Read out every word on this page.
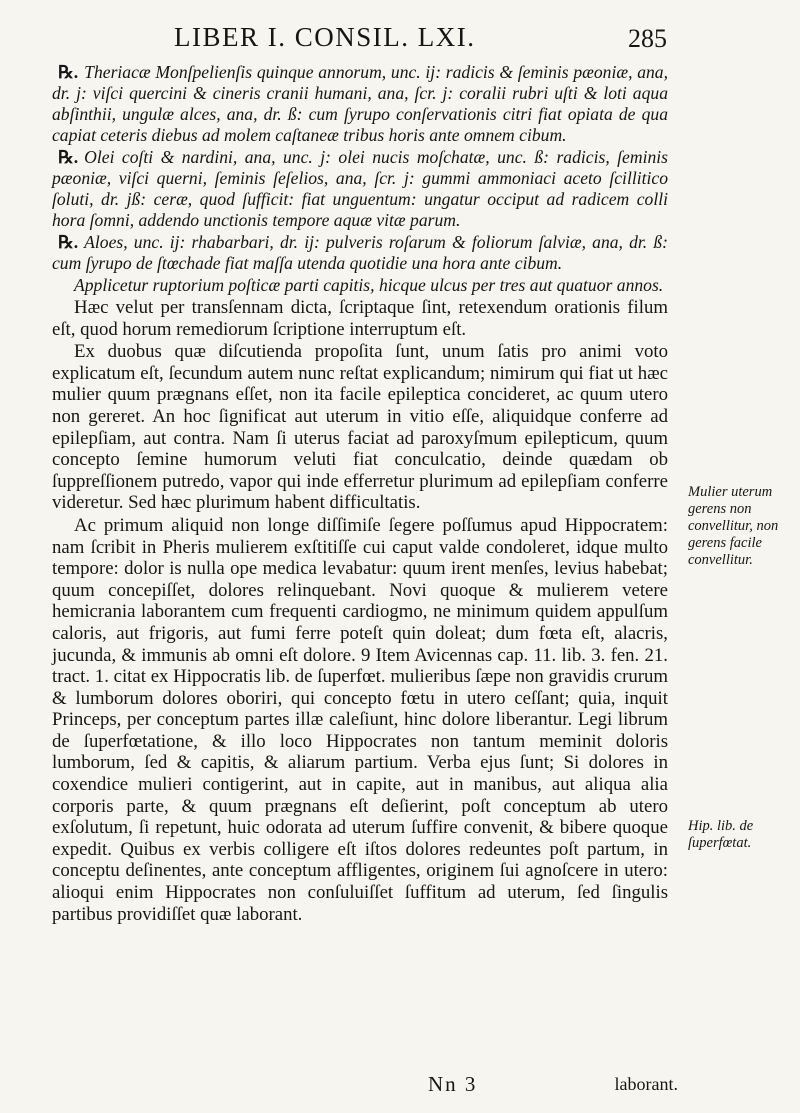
LIBER I. CONSIL. LXI.	285

℞. Theriacæ Monſpelienſis quinque annorum, unc. ij: radicis & ſeminis pæoniæ, ana, dr. j: viſci quercini & cineris cranii humani, ana, ſcr. j: coralii rubri uſti & loti aqua abſinthii, ungulæ alces, ana, dr. ß: cum ſyrupo conſervationis citri fiat opiata de qua capiat ceteris diebus ad molem caſtaneæ tribus horis ante omnem cibum.

℞. Olei coſti & nardini, ana, unc. j: olei nucis moſchatæ, unc. ß: radicis, ſeminis pæoniæ, viſci querni, ſeminis ſeſelios, ana, ſcr. j: gummi ammoniaci aceto ſcillitico ſoluti, dr. jß: ceræ, quod ſufficit: fiat unguentum: ungatur occiput ad radicem colli hora ſomni, addendo unctionis tempore aquæ vitæ parum.

℞. Aloes, unc. ij: rhabarbari, dr. ij: pulveris roſarum & foliorum ſalviæ, ana, dr. ß: cum ſyrupo de ſtœchade fiat maſſa utenda quotidie una hora ante cibum.

Applicetur ruptorium poſticæ parti capitis, hicque ulcus per tres aut quatuor annos.

Hæc velut per transſennam dicta, ſcriptaque ſint, retexendum orationis filum eſt, quod horum remediorum ſcriptione interruptum eſt.

Ex duobus quæ diſcutienda propoſita ſunt, unum ſatis pro animi voto explicatum eſt, ſecundum autem nunc reſtat explicandum; nimirum qui fiat ut hæc mulier quum prægnans eſſet, non ita facile epileptica concideret, ac quum utero non gereret. An hoc ſignificat aut uterum in vitio eſſe, aliquidque conferre ad epilepſiam, aut contra. Nam ſi uterus faciat ad paroxyſmum epilepticum, quum concepto ſemine humorum veluti fiat conculcatio, deinde quædam ob ſuppreſſionem putredo, vapor qui inde efferretur plurimum ad epilepſiam conferre videretur. Sed hæc plurimum habent difficultatis.

Ac primum aliquid non longe diſſimiſe ſegere poſſumus apud Hippocratem: nam ſcribit in Pheris mulierem exſtitiſſe cui caput valde condoleret, idque multo tempore: dolor is nulla ope medica levabatur: quum irent menſes, levius habebat; quum concepiſſet, dolores relinquebant. Novi quoque & mulierem vetere hemicrania laborantem cum frequenti cardiogmo, ne minimum quidem appulſum caloris, aut frigoris, aut fumi ferre poteſt quin doleat; dum fœta eſt, alacris, jucunda, & immunis ab omni eſt dolore. 9 Item Avicennas cap. 11. lib. 3. fen. 21. tract. 1. citat ex Hippocratis lib. de ſuperfœt. mulieribus ſæpe non gravidis crurum & lumborum dolores oboriri, qui concepto fœtu in utero ceſſant; quia, inquit Princeps, per conceptum partes illæ caleſiunt, hinc dolore liberantur. Legi librum de ſuperfœtatione, & illo loco Hippocrates non tantum meminit doloris lumborum, ſed & capitis, & aliarum partium. Verba ejus ſunt; Si dolores in coxendice mulieri contigerint, aut in capite, aut in manibus, aut aliqua alia corporis parte, & quum prægnans eſt deſierint, poſt conceptum ab utero exſolutum, ſi repetunt, huic odorata ad uterum ſuffire convenit, & bibere quoque expedit. Quibus ex verbis colligere eſt iſtos dolores redeuntes poſt partum, in conceptu deſinentes, ante conceptum affligentes, originem ſui agnoſcere in utero: alioqui enim Hippocrates non conſuluiſſet ſuffitum ad uterum, ſed ſingulis partibus providiſſet quæ laborant.

Mulier uterum gerens non convellitur, non gerens facile convellitur.
Hip. lib. de ſuperfœtat.
Nn 3	laborant.
